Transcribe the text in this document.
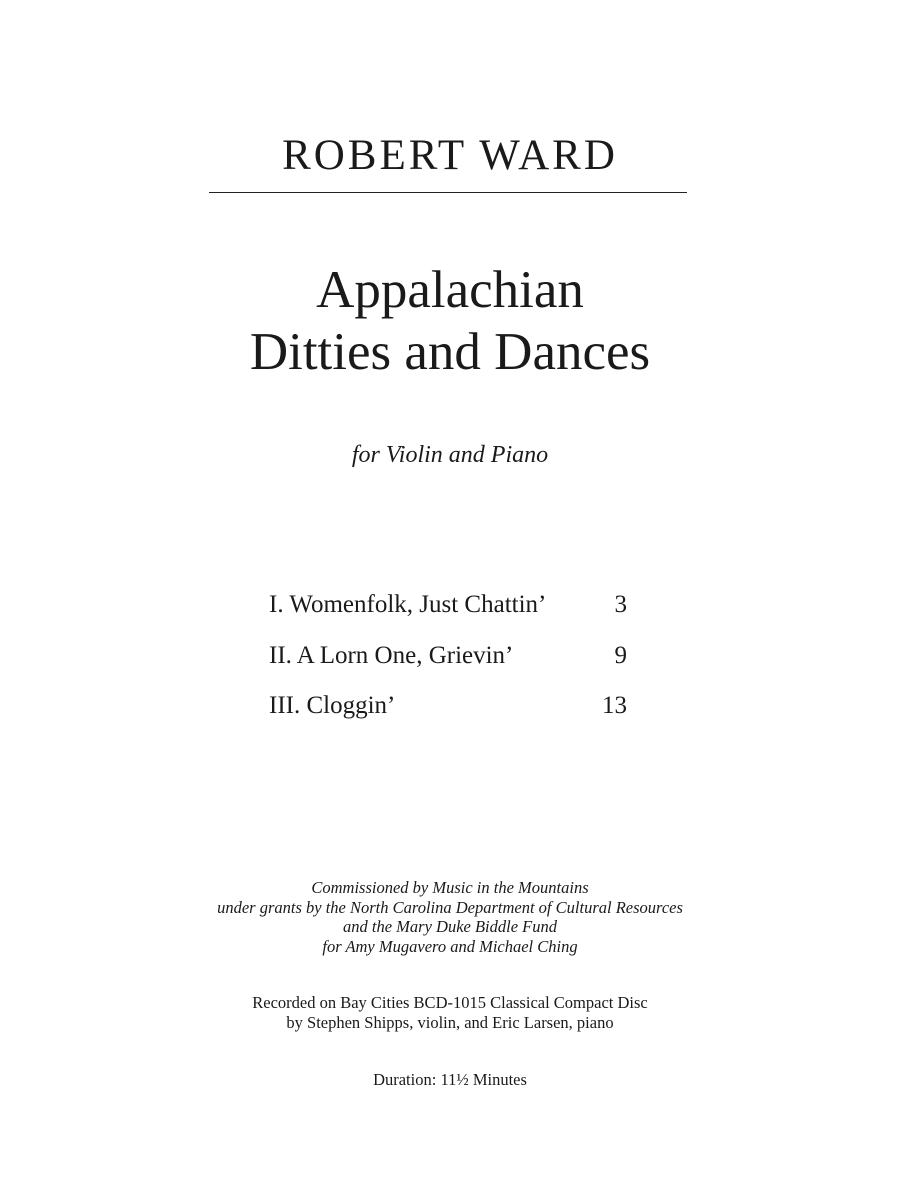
ROBERT WARD
Appalachian
Ditties and Dances
for Violin and Piano
I. Womenfolk, Just Chattin’	3
II. A Lorn One, Grievin’	9
III. Cloggin’	13
Commissioned by Music in the Mountains
under grants by the North Carolina Department of Cultural Resources
and the Mary Duke Biddle Fund
for Amy Mugavero and Michael Ching
Recorded on Bay Cities BCD-1015 Classical Compact Disc
by Stephen Shipps, violin, and Eric Larsen, piano
Duration: 11½ Minutes
